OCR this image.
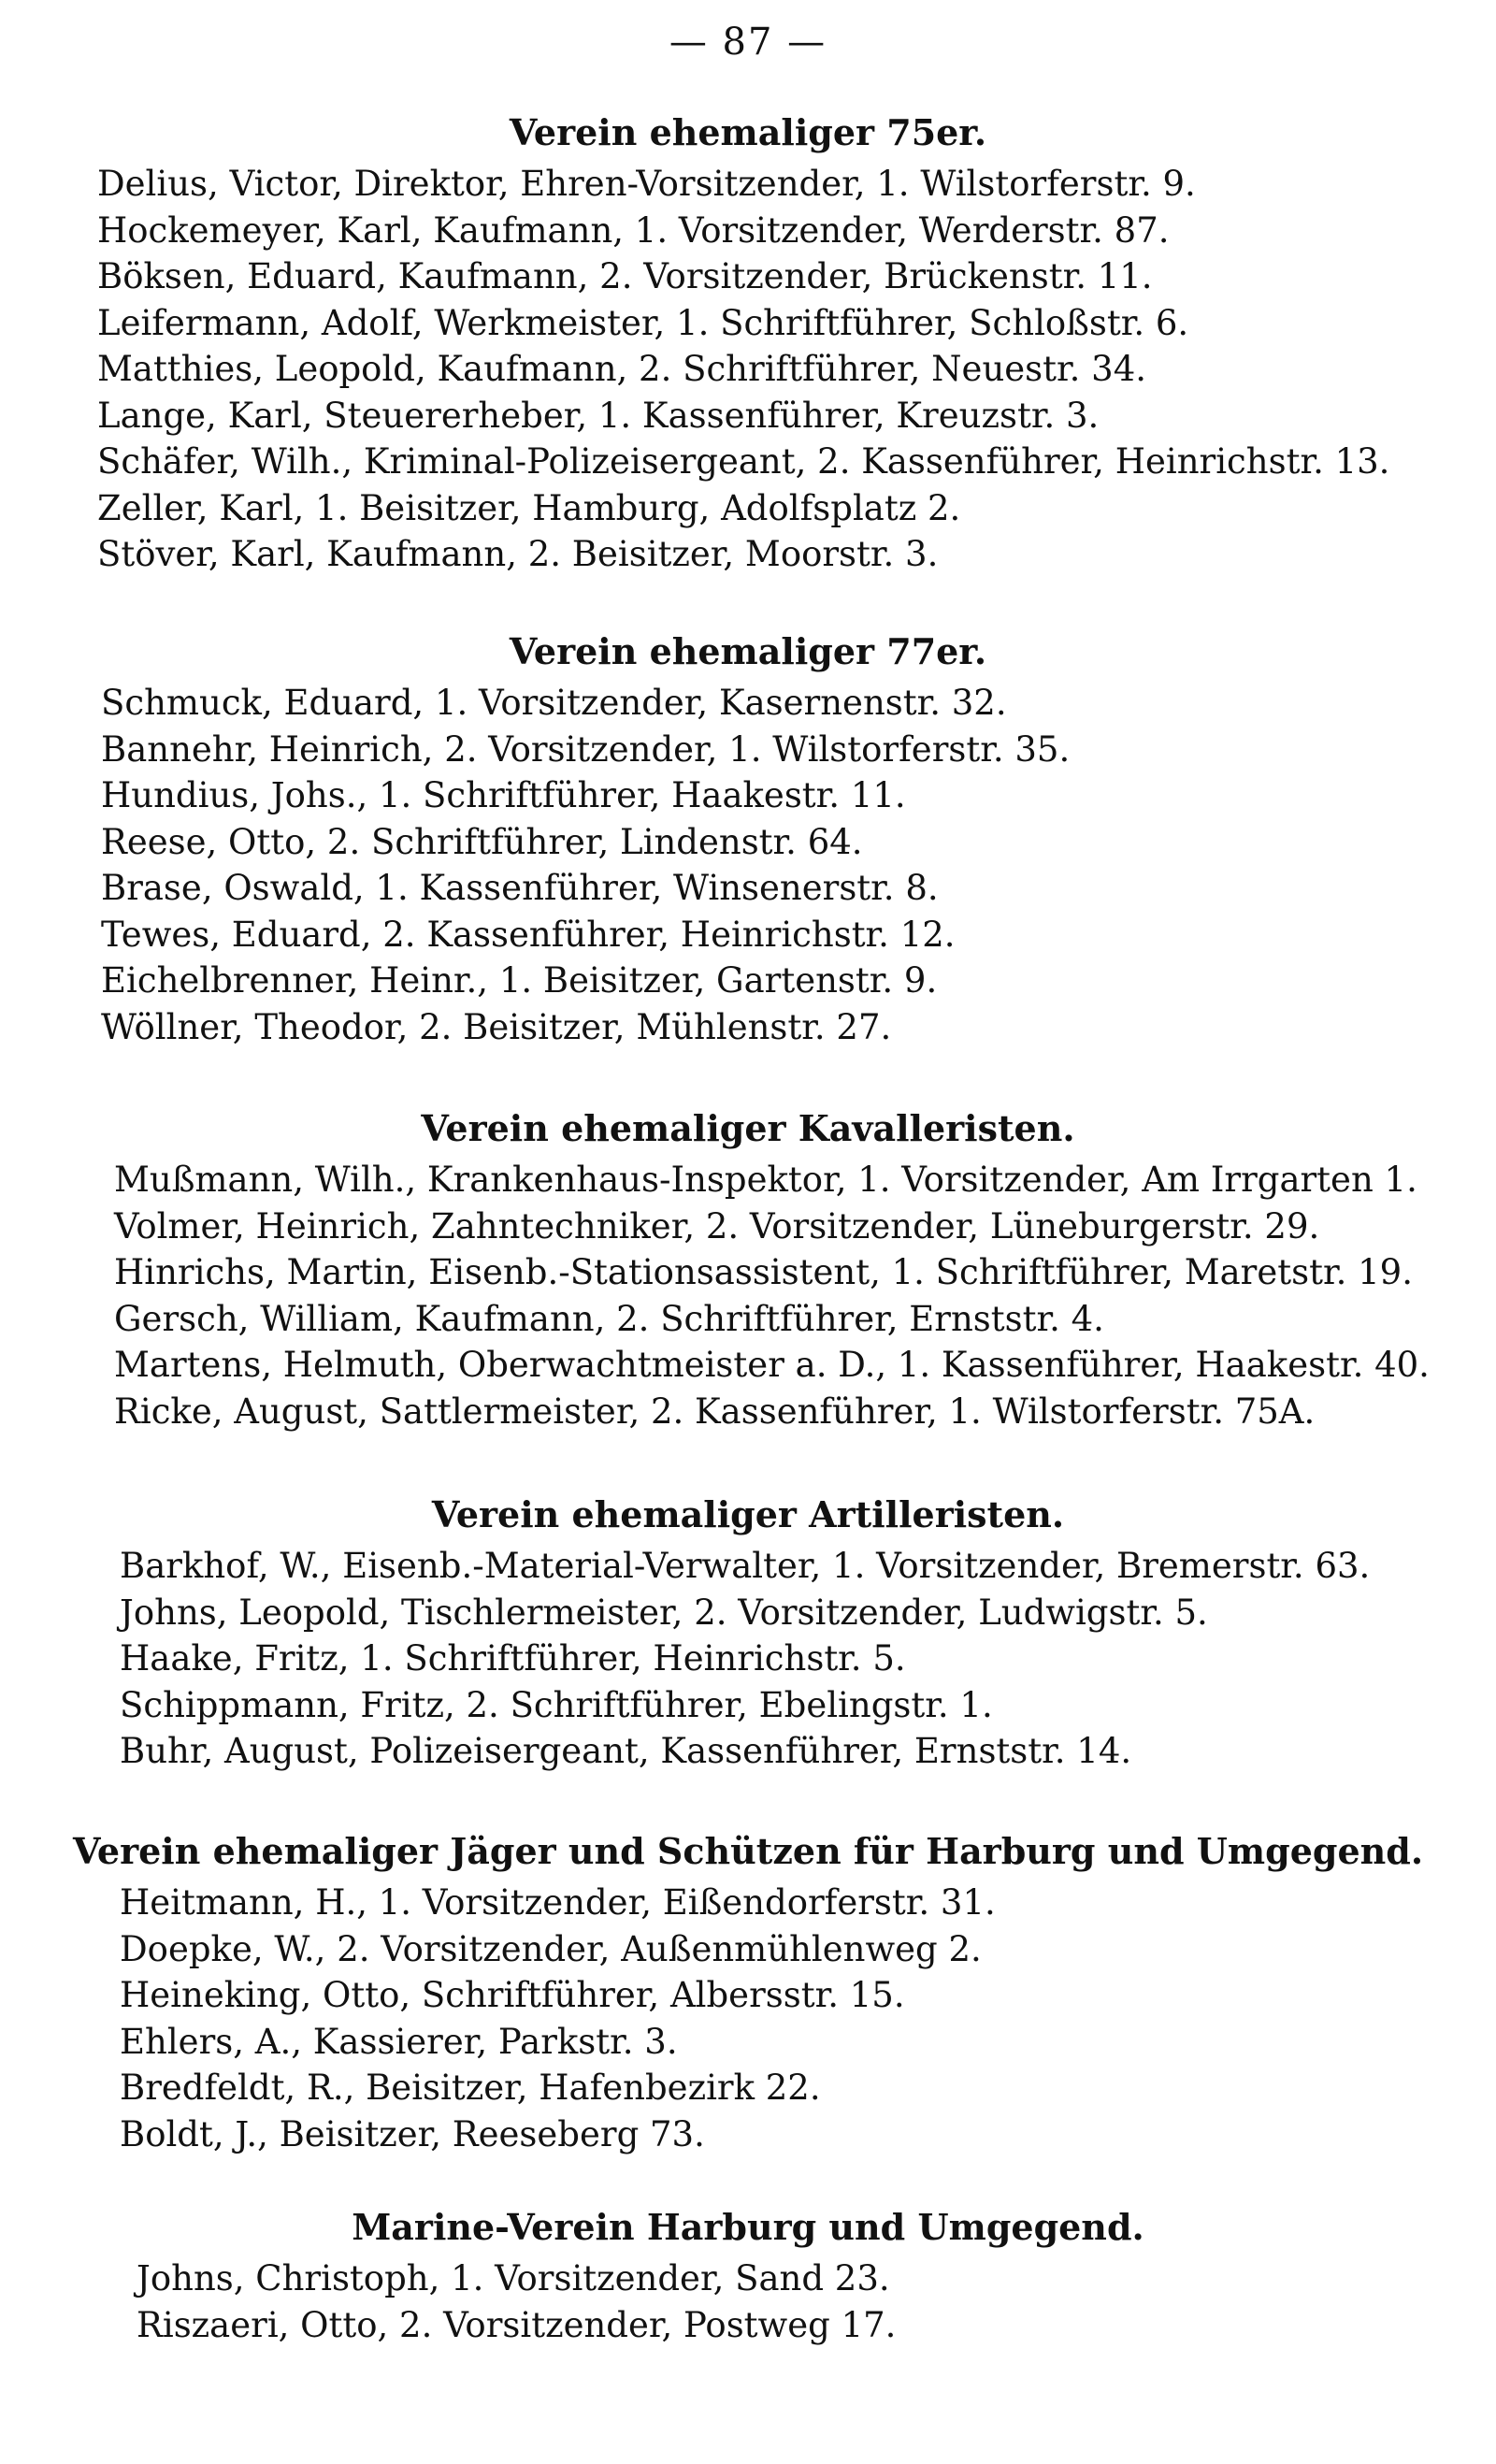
— 87 —
Verein ehemaliger 75er.
Delius, Victor, Direktor, Ehren-Vorsitzender, 1. Wilstorferstr. 9.
Hockemeyer, Karl, Kaufmann, 1. Vorsitzender, Werderstr. 87.
Böksen, Eduard, Kaufmann, 2. Vorsitzender, Brückenstr. 11.
Leifermann, Adolf, Werkmeister, 1. Schriftführer, Schloßstr. 6.
Matthies, Leopold, Kaufmann, 2. Schriftführer, Neuestr. 34.
Lange, Karl, Steuererheber, 1. Kassenführer, Kreuzstr. 3.
Schäfer, Wilh., Kriminal-Polizeisergeant, 2. Kassenführer, Heinrichstr. 13.
Zeller, Karl, 1. Beisitzer, Hamburg, Adolfsplatz 2.
Stöver, Karl, Kaufmann, 2. Beisitzer, Moorstr. 3.
Verein ehemaliger 77er.
Schmuck, Eduard, 1. Vorsitzender, Kasernenstr. 32.
Bannehr, Heinrich, 2. Vorsitzender, 1. Wilstorferstr. 35.
Hundius, Johs., 1. Schriftführer, Haakestr. 11.
Reese, Otto, 2. Schriftführer, Lindenstr. 64.
Brase, Oswald, 1. Kassenführer, Winsenerstr. 8.
Tewes, Eduard, 2. Kassenführer, Heinrichstr. 12.
Eichelbrenner, Heinr., 1. Beisitzer, Gartenstr. 9.
Wöllner, Theodor, 2. Beisitzer, Mühlenstr. 27.
Verein ehemaliger Kavalleristen.
Mußmann, Wilh., Krankenhaus-Inspektor, 1. Vorsitzender, Am Irrgarten 1.
Volmer, Heinrich, Zahntechniker, 2. Vorsitzender, Lüneburgerstr. 29.
Hinrichs, Martin, Eisenb.-Stationsassistent, 1. Schriftführer, Maretstr. 19.
Gersch, William, Kaufmann, 2. Schriftführer, Ernststr. 4.
Martens, Helmuth, Oberwachtmeister a. D., 1. Kassenführer, Haakestr. 40.
Ricke, August, Sattlermeister, 2. Kassenführer, 1. Wilstorferstr. 75A.
Verein ehemaliger Artilleristen.
Barkhof, W., Eisenb.-Material-Verwalter, 1. Vorsitzender, Bremerstr. 63.
Johns, Leopold, Tischlermeister, 2. Vorsitzender, Ludwigstr. 5.
Haake, Fritz, 1. Schriftführer, Heinrichstr. 5.
Schippmann, Fritz, 2. Schriftführer, Ebelingstr. 1.
Buhr, August, Polizeisergeant, Kassenführer, Ernststr. 14.
Verein ehemaliger Jäger und Schützen für Harburg und Umgegend.
Heitmann, H., 1. Vorsitzender, Eißendorferstr. 31.
Doepke, W., 2. Vorsitzender, Außenmühlenweg 2.
Heineking, Otto, Schriftführer, Albersstr. 15.
Ehlers, A., Kassierer, Parkstr. 3.
Bredfeldt, R., Beisitzer, Hafenbezirk 22.
Boldt, J., Beisitzer, Reeseberg 73.
Marine-Verein Harburg und Umgegend.
Johns, Christoph, 1. Vorsitzender, Sand 23.
Riszaeri, Otto, 2. Vorsitzender, Postweg 17.
